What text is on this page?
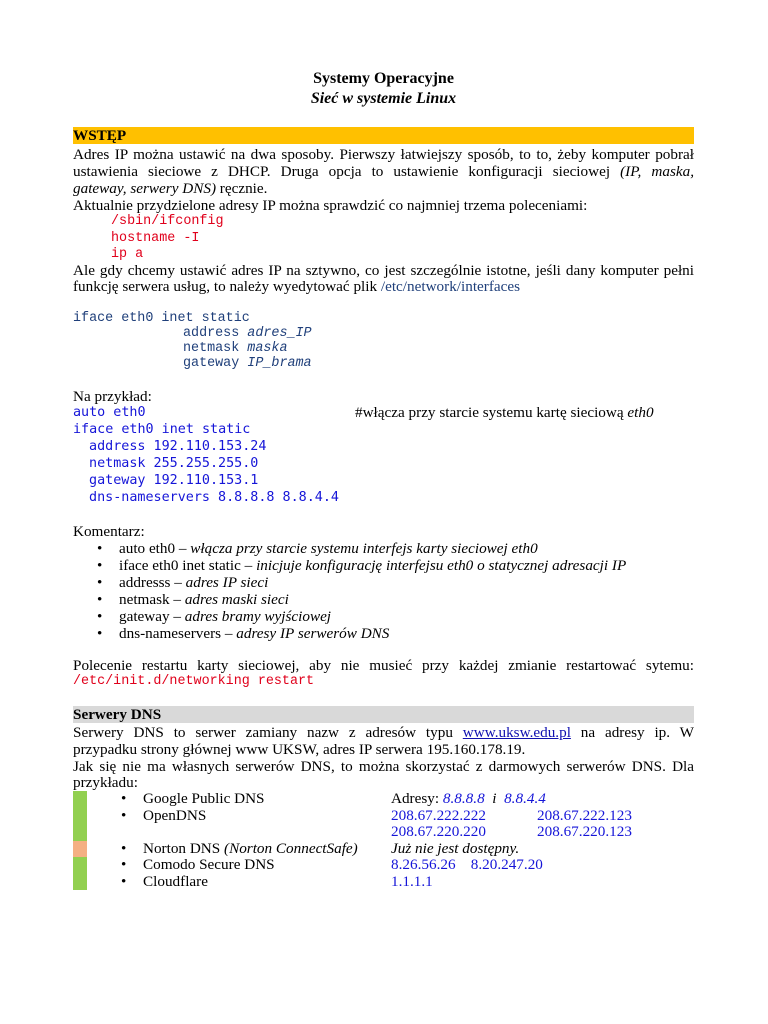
Systemy Operacyjne
Sieć w systemie Linux
WSTĘP
Adres IP można ustawić na dwa sposoby. Pierwszy łatwiejszy sposób, to to, żeby komputer pobrał
ustawienia sieciowe z DHCP. Druga opcja to ustawienie konfiguracji sieciowej (IP, maska,
gateway, serwery DNS) ręcznie.
Aktualnie przydzielone adresy IP można sprawdzić co najmniej trzema poleceniami:
/sbin/ifconfig
hostname -I
ip a
Ale gdy chcemy ustawić adres IP na sztywno, co jest szczególnie istotne, jeśli dany komputer pełni
funkcję serwera usług, to należy wyedytować plik /etc/network/interfaces
iface eth0 inet static
address adres_IP
netmask maska
gateway IP_brama
Na przykład:
auto eth0	#włącza przy starcie systemu kartę sieciową eth0
iface eth0 inet static
address 192.110.153.24
netmask 255.255.255.0
gateway 192.110.153.1
dns-nameservers 8.8.8.8 8.8.4.4
Komentarz:
• auto eth0 – włącza przy starcie systemu interfejs karty sieciowej eth0
• iface eth0 inet static – inicjuje konfigurację interfejsu eth0 o statycznej adresacji IP
• addresss – adres IP sieci
• netmask – adres maski sieci
• gateway – adres bramy wyjściowej
• dns-nameservers – adresy IP serwerów DNS
Polecenie restartu karty sieciowej, aby nie musieć przy każdej zmianie restartować sytemu:
/etc/init.d/networking restart
Serwery DNS
Serwery DNS to serwer zamiany nazw z adresów typu www.uksw.edu.pl na adresy ip. W
przypadku strony głównej www UKSW, adres IP serwera 195.160.178.19.
Jak się nie ma własnych serwerów DNS, to można skorzystać z darmowych serwerów DNS. Dla
przykładu:
• Google Public DNS	Adresy: 8.8.8.8 i 8.8.4.4
• OpenDNS	208.67.222.222	208.67.222.123
208.67.220.220	208.67.220.123
• Norton DNS (Norton ConnectSafe) Już nie jest dostępny.
• Comodo Secure DNS	8.26.56.26 8.20.247.20
• Cloudflare	1.1.1.1
